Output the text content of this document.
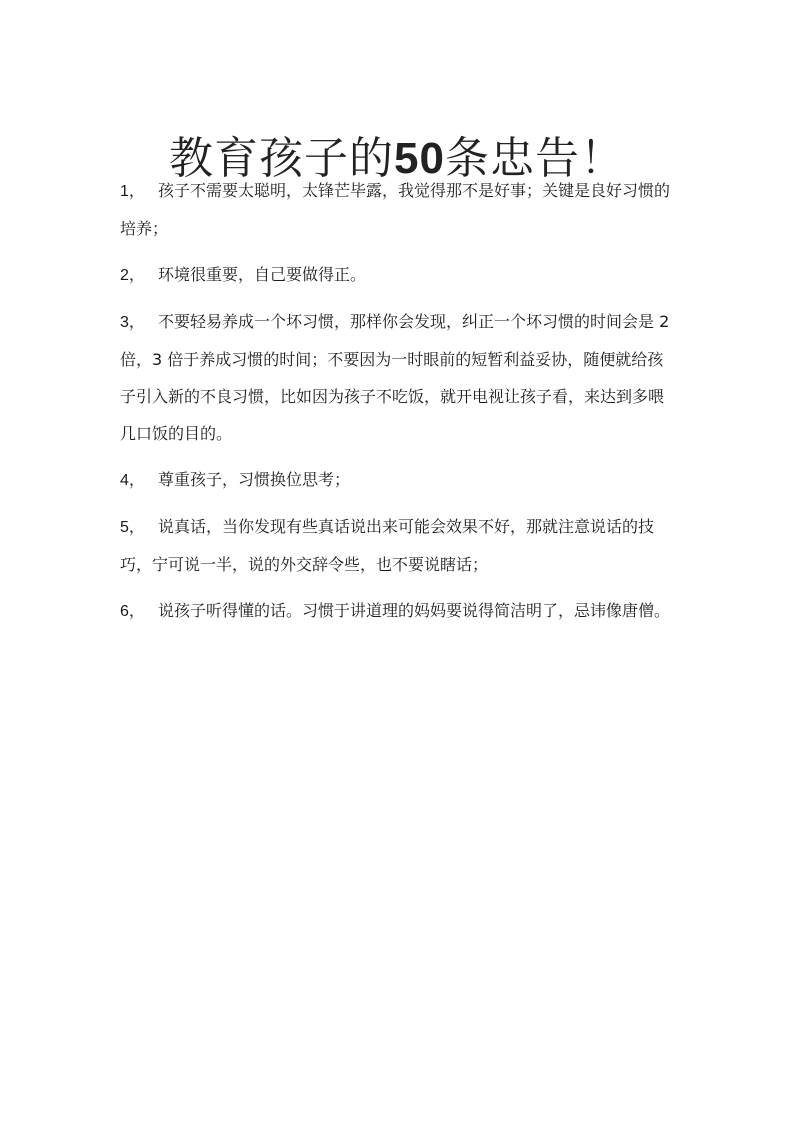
教育孩子的50条忠告！
1， 孩子不需要太聪明，太锋芒毕露，我觉得那不是好事；关键是良好习惯的培养；
2， 环境很重要，自己要做得正。
3， 不要轻易养成一个坏习惯，那样你会发现，纠正一个坏习惯的时间会是 2 倍，3 倍于养成习惯的时间；不要因为一时眼前的短暂利益妥协，随便就给孩子引入新的不良习惯，比如因为孩子不吃饭，就开电视让孩子看，来达到多喂几口饭的目的。
4， 尊重孩子，习惯换位思考；
5， 说真话，当你发现有些真话说出来可能会效果不好，那就注意说话的技巧，宁可说一半，说的外交辞令些，也不要说瞎话；
6， 说孩子听得懂的话。习惯于讲道理的妈妈要说得简洁明了，忌讳像唐僧。
